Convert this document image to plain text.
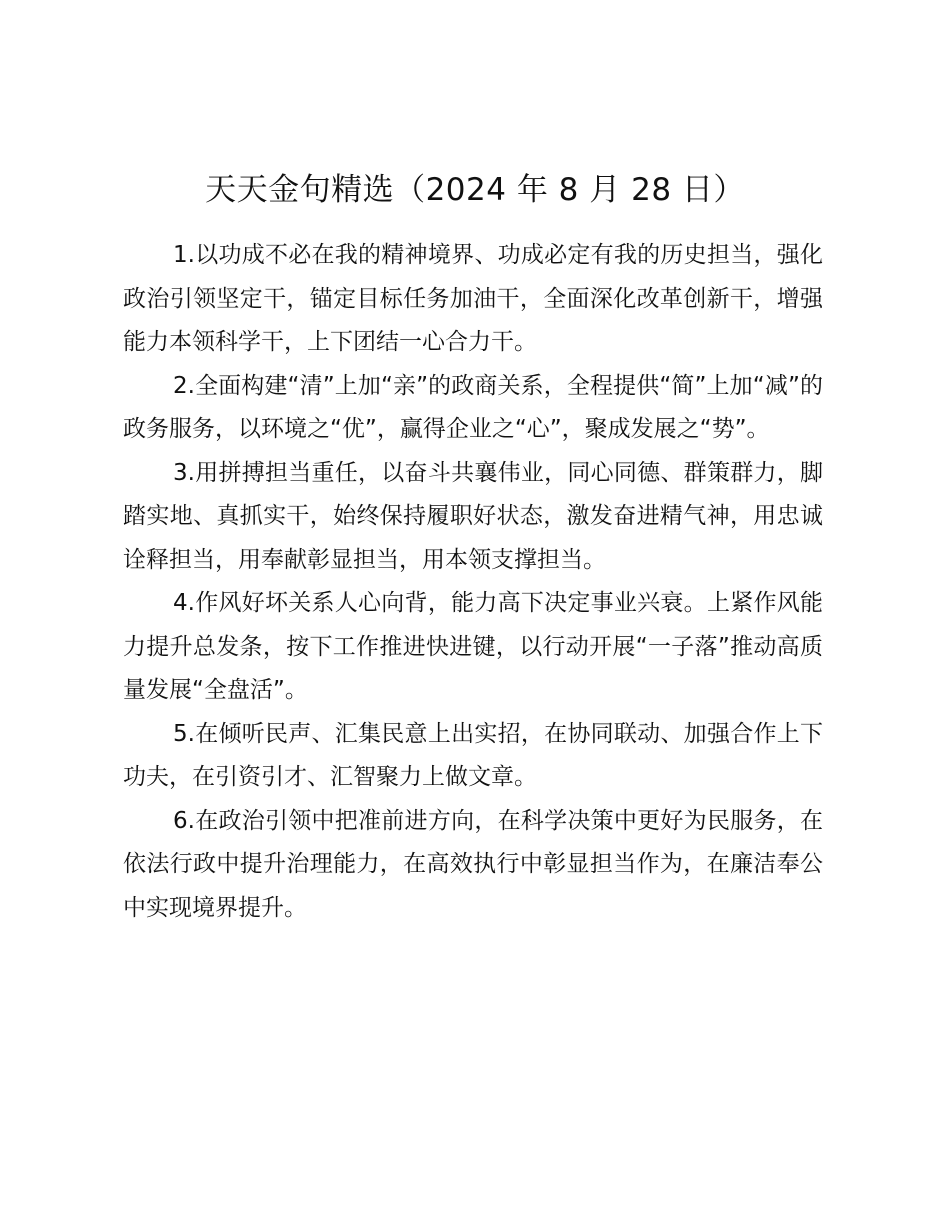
天天金句精选（2024 年 8 月 28 日）

1.以功成不必在我的精神境界、功成必定有我的历史担当，强化政治引领坚定干，锚定目标任务加油干，全面深化改革创新干，增强能力本领科学干，上下团结一心合力干。

2.全面构建“清”上加“亲”的政商关系，全程提供“简”上加“减”的政务服务，以环境之“优”，赢得企业之“心”，聚成发展之“势”。

3.用拼搏担当重任，以奋斗共襄伟业，同心同德、群策群力，脚踏实地、真抓实干，始终保持履职好状态，激发奋进精气神，用忠诚诠释担当，用奉献彰显担当，用本领支撑担当。

4.作风好坏关系人心向背，能力高下决定事业兴衰。上紧作风能力提升总发条，按下工作推进快进键，以行动开展“一子落”推动高质量发展“全盘活”。

5.在倾听民声、汇集民意上出实招，在协同联动、加强合作上下功夫，在引资引才、汇智聚力上做文章。

6.在政治引领中把准前进方向，在科学决策中更好为民服务，在依法行政中提升治理能力，在高效执行中彰显担当作为，在廉洁奉公中实现境界提升。
